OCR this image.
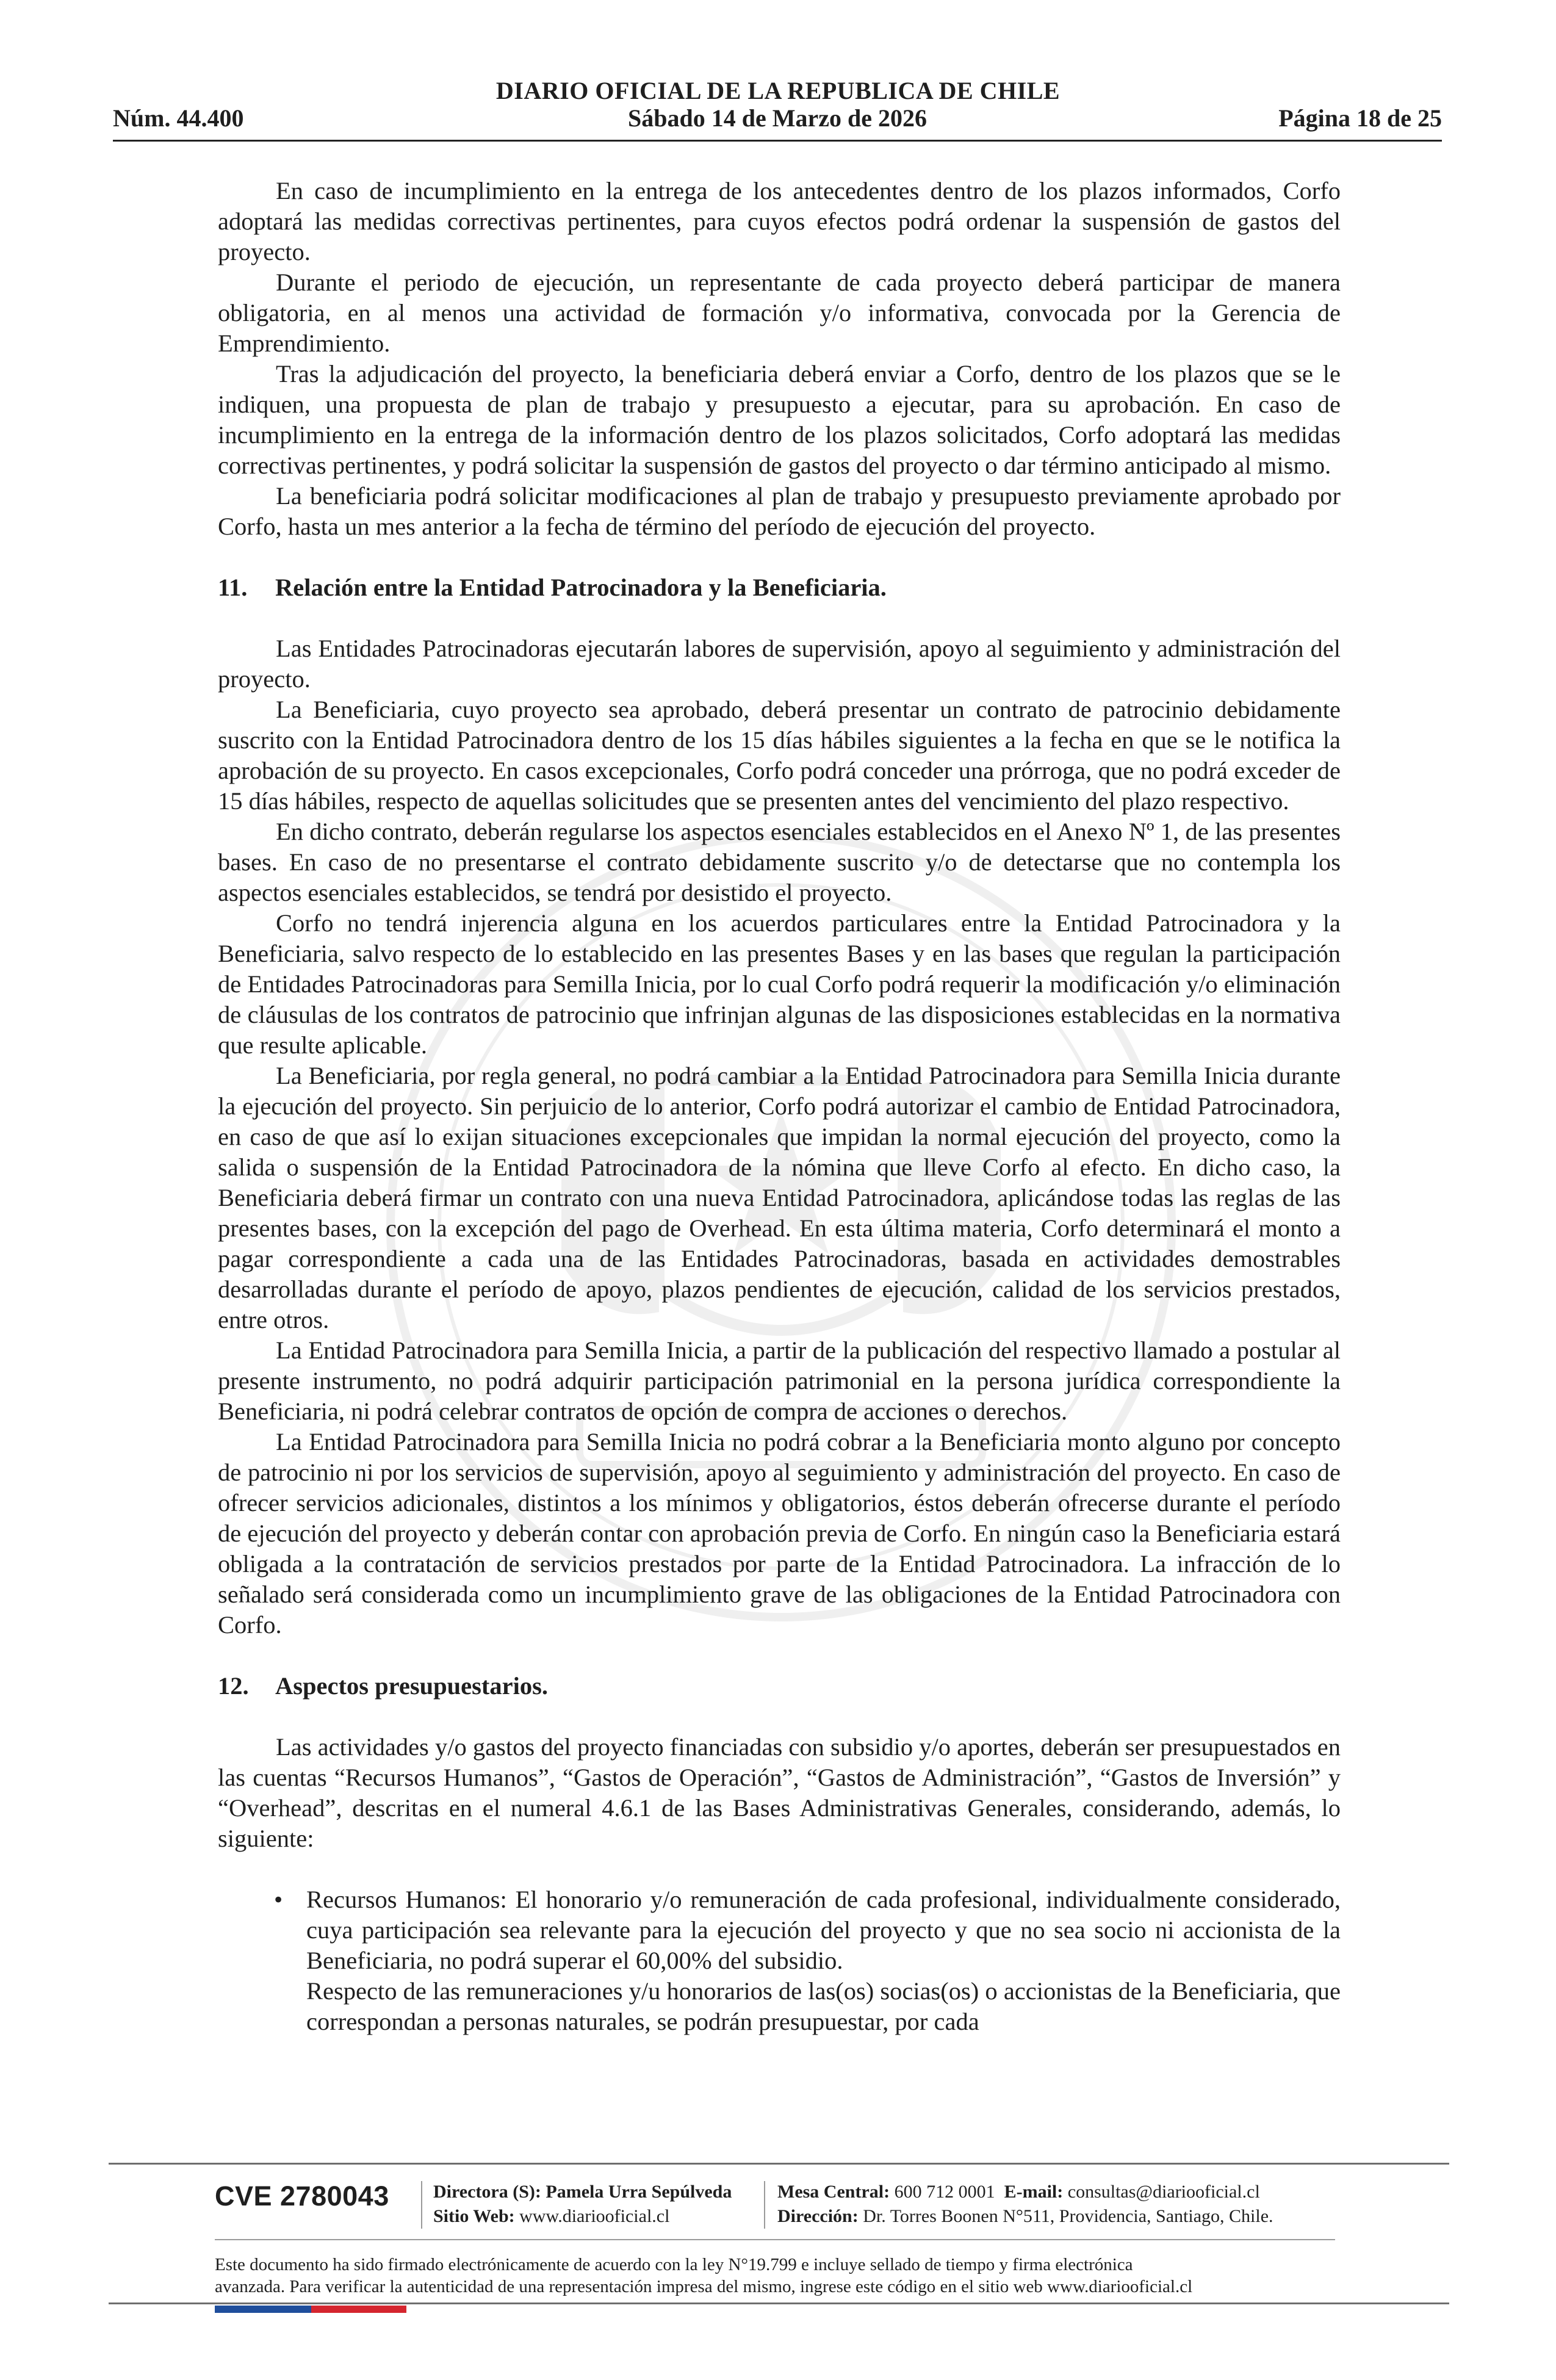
DIARIO OFICIAL DE LA REPUBLICA DE CHILE
Sábado 14 de Marzo de 2026
Núm. 44.400	Página 18 de 25

En caso de incumplimiento en la entrega de los antecedentes dentro de los plazos informados, Corfo adoptará las medidas correctivas pertinentes, para cuyos efectos podrá ordenar la suspensión de gastos del proyecto.

Durante el periodo de ejecución, un representante de cada proyecto deberá participar de manera obligatoria, en al menos una actividad de formación y/o informativa, convocada por la Gerencia de Emprendimiento.

Tras la adjudicación del proyecto, la beneficiaria deberá enviar a Corfo, dentro de los plazos que se le indiquen, una propuesta de plan de trabajo y presupuesto a ejecutar, para su aprobación. En caso de incumplimiento en la entrega de la información dentro de los plazos solicitados, Corfo adoptará las medidas correctivas pertinentes, y podrá solicitar la suspensión de gastos del proyecto o dar término anticipado al mismo.

La beneficiaria podrá solicitar modificaciones al plan de trabajo y presupuesto previamente aprobado por Corfo, hasta un mes anterior a la fecha de término del período de ejecución del proyecto.

11. Relación entre la Entidad Patrocinadora y la Beneficiaria.

Las Entidades Patrocinadoras ejecutarán labores de supervisión, apoyo al seguimiento y administración del proyecto.

La Beneficiaria, cuyo proyecto sea aprobado, deberá presentar un contrato de patrocinio debidamente suscrito con la Entidad Patrocinadora dentro de los 15 días hábiles siguientes a la fecha en que se le notifica la aprobación de su proyecto. En casos excepcionales, Corfo podrá conceder una prórroga, que no podrá exceder de 15 días hábiles, respecto de aquellas solicitudes que se presenten antes del vencimiento del plazo respectivo.

En dicho contrato, deberán regularse los aspectos esenciales establecidos en el Anexo Nº 1, de las presentes bases. En caso de no presentarse el contrato debidamente suscrito y/o de detectarse que no contempla los aspectos esenciales establecidos, se tendrá por desistido el proyecto.

Corfo no tendrá injerencia alguna en los acuerdos particulares entre la Entidad Patrocinadora y la Beneficiaria, salvo respecto de lo establecido en las presentes Bases y en las bases que regulan la participación de Entidades Patrocinadoras para Semilla Inicia, por lo cual Corfo podrá requerir la modificación y/o eliminación de cláusulas de los contratos de patrocinio que infrinjan algunas de las disposiciones establecidas en la normativa que resulte aplicable.

La Beneficiaria, por regla general, no podrá cambiar a la Entidad Patrocinadora para Semilla Inicia durante la ejecución del proyecto. Sin perjuicio de lo anterior, Corfo podrá autorizar el cambio de Entidad Patrocinadora, en caso de que así lo exijan situaciones excepcionales que impidan la normal ejecución del proyecto, como la salida o suspensión de la Entidad Patrocinadora de la nómina que lleve Corfo al efecto. En dicho caso, la Beneficiaria deberá firmar un contrato con una nueva Entidad Patrocinadora, aplicándose todas las reglas de las presentes bases, con la excepción del pago de Overhead. En esta última materia, Corfo determinará el monto a pagar correspondiente a cada una de las Entidades Patrocinadoras, basada en actividades demostrables desarrolladas durante el período de apoyo, plazos pendientes de ejecución, calidad de los servicios prestados, entre otros.

La Entidad Patrocinadora para Semilla Inicia, a partir de la publicación del respectivo llamado a postular al presente instrumento, no podrá adquirir participación patrimonial en la persona jurídica correspondiente la Beneficiaria, ni podrá celebrar contratos de opción de compra de acciones o derechos.

La Entidad Patrocinadora para Semilla Inicia no podrá cobrar a la Beneficiaria monto alguno por concepto de patrocinio ni por los servicios de supervisión, apoyo al seguimiento y administración del proyecto. En caso de ofrecer servicios adicionales, distintos a los mínimos y obligatorios, éstos deberán ofrecerse durante el período de ejecución del proyecto y deberán contar con aprobación previa de Corfo. En ningún caso la Beneficiaria estará obligada a la contratación de servicios prestados por parte de la Entidad Patrocinadora. La infracción de lo señalado será considerada como un incumplimiento grave de las obligaciones de la Entidad Patrocinadora con Corfo.

12. Aspectos presupuestarios.

Las actividades y/o gastos del proyecto financiadas con subsidio y/o aportes, deberán ser presupuestados en las cuentas “Recursos Humanos”, “Gastos de Operación”, “Gastos de Administración”, “Gastos de Inversión” y “Overhead”, descritas en el numeral 4.6.1 de las Bases Administrativas Generales, considerando, además, lo siguiente:

• Recursos Humanos: El honorario y/o remuneración de cada profesional, individualmente considerado, cuya participación sea relevante para la ejecución del proyecto y que no sea socio ni accionista de la Beneficiaria, no podrá superar el 60,00% del subsidio.

Respecto de las remuneraciones y/u honorarios de las(os) socias(os) o accionistas de la Beneficiaria, que correspondan a personas naturales, se podrán presupuestar, por cada

CVE 2780043 Directora (S): Pamela Urra Sepúlveda
Sitio Web: www.diariooficial.cl
Mesa Central: 600 712 0001 E-mail: consultas@diariooficial.cl
Dirección: Dr. Torres Boonen N°511, Providencia, Santiago, Chile.
Este documento ha sido firmado electrónicamente de acuerdo con la ley N°19.799 e incluye sellado de tiempo y firma electrónica
avanzada. Para verificar la autenticidad de una representación impresa del mismo, ingrese este código en el sitio web www.diariooficial.cl
